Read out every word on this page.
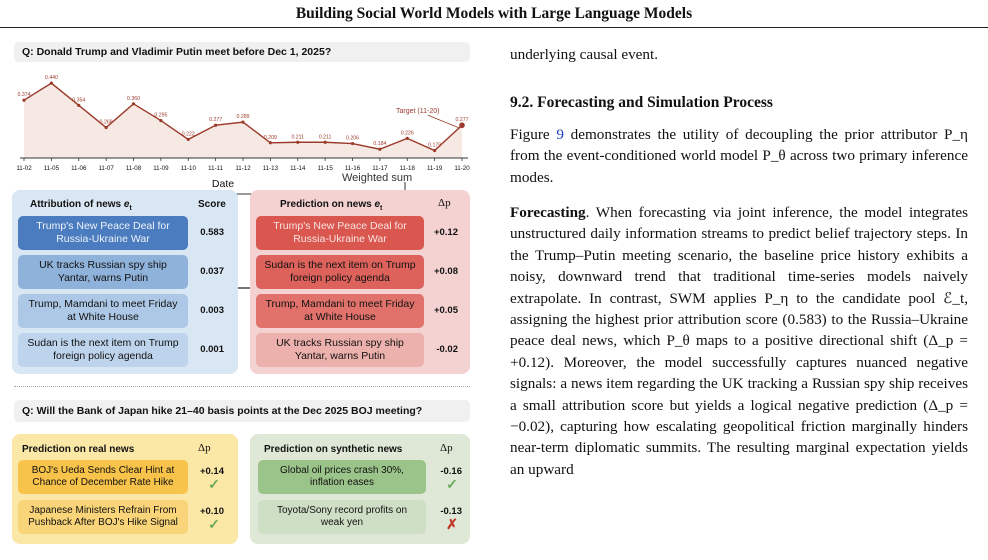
Building Social World Models with Large Language Models
Q: Donald Trump and Vladimir Putin meet before Dec 1, 2025?
0.374
11-02
0.440
11-05
0.354
11-06
0.268
11-07
0.360
11-08
0.295
11-09
0.222
11-10
0.277
11-11
0.289
11-12
0.209
11-13
0.211
11-14
0.211
11-15
0.206
11-16
0.184
11-17
0.226
11-18
0.179
11-19
0.277
11-20
Target (11-20)
Date	Weighted sum
Attribution of news $e_t$	Score	Prediction on news $e_t$	Δp
Q: Will the Bank of Japan hike 21–40 basis points at the Dec 2025 BOJ meeting?
Prediction on real news	Δp	Prediction on synthetic news	Δp
Trump's New Peace Deal for Russia-Ukraine War
0.583
UK tracks Russian spy ship Yantar, warns Putin
0.037
Trump, Mamdani to meet Friday at White House
0.003
Sudan is the next item on Trump foreign policy agenda
0.001
Trump's New Peace Deal for Russia-Ukraine War
+0.12
Sudan is the next item on Trump foreign policy agenda
+0.08
Trump, Mamdani to meet Friday at White House
+0.05
UK tracks Russian spy ship Yantar, warns Putin
-0.02
BOJ's Ueda Sends Clear Hint at Chance of December Rate Hike
+0.14
✓
Japanese Ministers Refrain From Pushback After BOJ's Hike Signal
+0.10
✓
Global oil prices crash 30%, inflation eases
-0.16
✓
Toyota/Sony record profits on weak yen
-0.13
✗

underlying causal event.

9.2. Forecasting and Simulation Process

Figure 9 demonstrates the utility of decoupling the prior attributor P_η from the event-conditioned world model P_θ across two primary inference modes.

Forecasting. When forecasting via joint inference, the model integrates unstructured daily information streams to predict belief trajectory steps. In the Trump–Putin meeting scenario, the baseline price history exhibits a noisy, downward trend that traditional time-series models naively extrapolate. In contrast, SWM applies P_η to the candidate pool ℰ_t, assigning the highest prior attribution score (0.583) to the Russia–Ukraine peace deal news, which P_θ maps to a positive directional shift (Δ_p = +0.12). Moreover, the model successfully captures nuanced negative signals: a news item regarding the UK tracking a Russian spy ship receives a small attribution score but yields a logical negative prediction (Δ_p = −0.02), capturing how escalating geopolitical friction marginally hinders near-term diplomatic summits. The resulting marginal expectation yields an upward
